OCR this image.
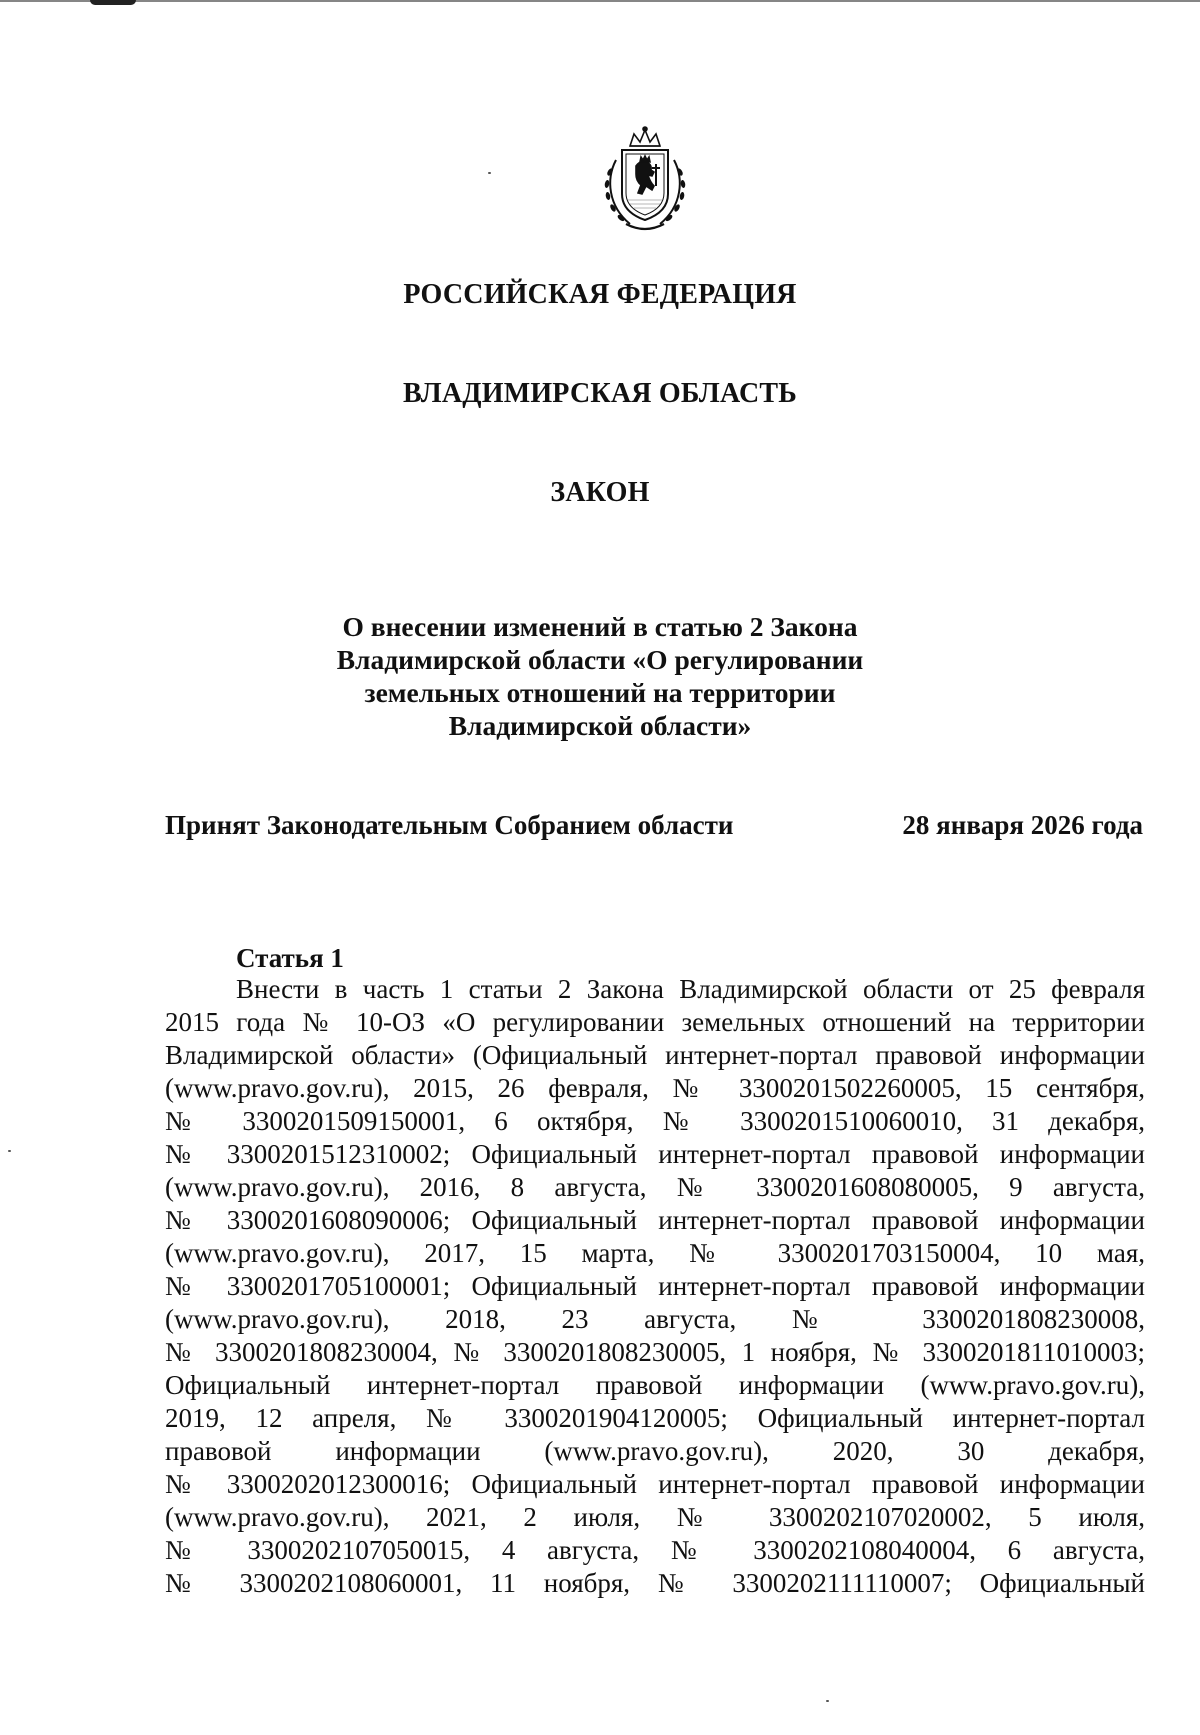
РОССИЙСКАЯ ФЕДЕРАЦИЯ
ВЛАДИМИРСКАЯ ОБЛАСТЬ
ЗАКОН
О внесении изменений в статью 2 Закона
Владимирской области «О регулировании
земельных отношений на территории
Владимирской области»
Принят Законодательным Собранием области	28 января 2026 года
Статья 1
Внести в часть 1 статьи 2 Закона Владимирской области от 25 февраля
2015 года № 10-ОЗ «О регулировании земельных отношений на территории
Владимирской области» (Официальный интернет-портал правовой информации
(www.pravo.gov.ru), 2015, 26 февраля, № 3300201502260005, 15 сентября,
№ 3300201509150001, 6 октября, № 3300201510060010, 31 декабря,
№ 3300201512310002; Официальный интернет-портал правовой информации
(www.pravo.gov.ru), 2016, 8 августа, № 3300201608080005, 9 августа,
№ 3300201608090006; Официальный интернет-портал правовой информации
(www.pravo.gov.ru), 2017, 15 марта, № 3300201703150004, 10 мая,
№ 3300201705100001; Официальный интернет-портал правовой информации
(www.pravo.gov.ru), 2018, 23 августа, № 3300201808230008,
№ 3300201808230004, № 3300201808230005, 1 ноября, № 3300201811010003;
Официальный интернет-портал правовой информации (www.pravo.gov.ru),
2019, 12 апреля, № 3300201904120005; Официальный интернет-портал
правовой информации (www.pravo.gov.ru), 2020, 30 декабря,
№ 3300202012300016; Официальный интернет-портал правовой информации
(www.pravo.gov.ru), 2021, 2 июля, № 3300202107020002, 5 июля,
№ 3300202107050015, 4 августа, № 3300202108040004, 6 августа,
№ 3300202108060001, 11 ноября, № 3300202111110007; Официальный
